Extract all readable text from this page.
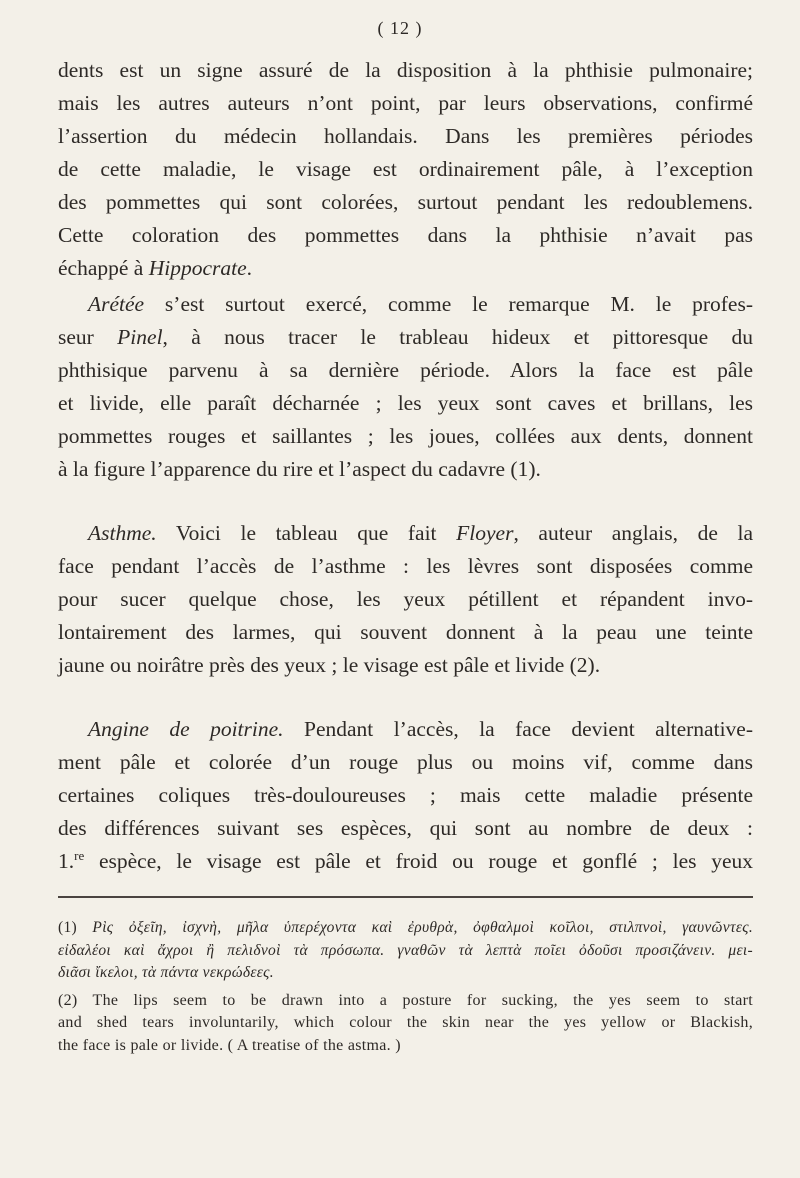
( 12 )
dents est un signe assuré de la disposition à la phthisie pulmonaire;
mais les autres auteurs n’ont point, par leurs observations, confirmé
l’assertion du médecin hollandais. Dans les premières périodes
de cette maladie, le visage est ordinairement pâle, à l’exception
des pommettes qui sont colorées, surtout pendant les redoublemens.
Cette coloration des pommettes dans la phthisie n’avait pas
échappé à Hippocrate.
Arétée s’est surtout exercé, comme le remarque M. le profes-
seur Pinel, à nous tracer le trableau hideux et pittoresque du
phthisique parvenu à sa dernière période. Alors la face est pâle
et livide, elle paraît décharnée ; les yeux sont caves et brillans, les
pommettes rouges et saillantes ; les joues, collées aux dents, donnent
à la figure l’apparence du rire et l’aspect du cadavre (1).
Asthme. Voici le tableau que fait Floyer, auteur anglais, de la
face pendant l’accès de l’asthme : les lèvres sont disposées comme
pour sucer quelque chose, les yeux pétillent et répandent invo-
lontairement des larmes, qui souvent donnent à la peau une teinte
jaune ou noirâtre près des yeux ; le visage est pâle et livide (2).
Angine de poitrine. Pendant l’accès, la face devient alternative-
ment pâle et colorée d’un rouge plus ou moins vif, comme dans
certaines coliques très-douloureuses ; mais cette maladie présente
des différences suivant ses espèces, qui sont au nombre de deux :
1.$^{re}$ espèce, le visage est pâle et froid ou rouge et gonflé ; les yeux
(1) Ρὶς ὀξεῖη, ἰσχνὴ, μῆλα ὑπερέχοντα καὶ ἐρυθρὰ, ὀφθαλμοὶ κοῖλοι, στιλπνοὶ, γαυνῶντες.
εἰδαλέοι καὶ ἄχροι ἢ πελιδνοὶ τὰ πρόσωπα. γναθῶν τὰ λεπτὰ ποῖει ὀδοῦσι προσιζάνειν. μει-
διᾶσι ἴκελοι, τὰ πάντα νεκρώδεες.
(2) The lips seem to be drawn into a posture for sucking, the yes seem to start
and shed tears involuntarily, which colour the skin near the yes yellow or Blackish,
the face is pale or livide. ( A treatise of the astma. )
